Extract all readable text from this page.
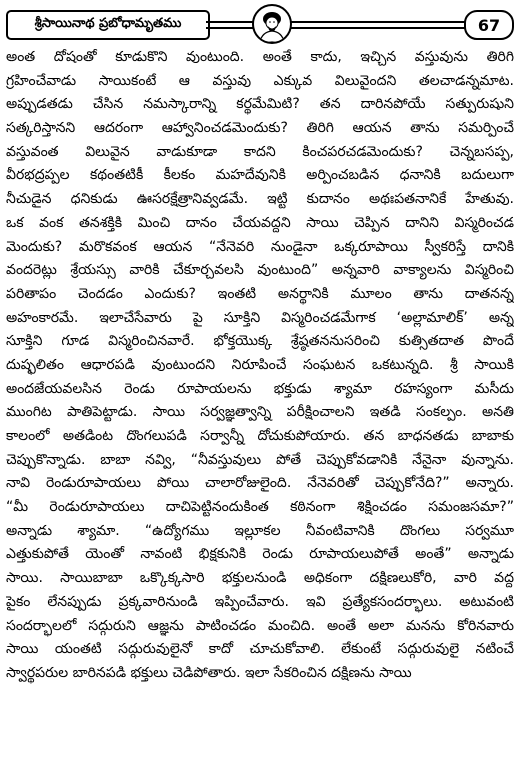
శ్రీసాయినాథ ప్రబోధామృతము	67
అంత దోషంతో కూడుకొని వుంటుంది. అంతే కాదు, ఇచ్చిన వస్తువును తిరిగి
గ్రహించేవాడు సాయికంటే ఆ వస్తువు ఎక్కువ విలువైందని తలచాడన్నమాట.
అప్పుడతడు చేసిన నమస్కారాన్ని కర్థమేమిటి? తన దారినపోయే సత్పురుషుని
సత్కరిస్తానని ఆదరంగా ఆహ్వానించడమెందుకు? తిరిగి ఆయన తాను సమర్పించే
వస్తువంత విలువైన వాడుకూడా కాదని కించపరచడమెందుకు? చెన్నబసప్ప,
వీరభద్రప్పల కథంతటికీ కీలకం మహదేవునికి అర్పించబడిన ధనానికి బదులుగా
నీచుడైన ధనికుడు ఊసరక్షేత్రానివ్వడమే. ఇట్టి కుదానం అథఃపతనానికే హేతువు.
ఒక వంక తనశక్తికి మించి దానం చేయవద్దని సాయి చెప్పిన దానిని విస్మరించడ
మెందుకు? మరొకవంక ఆయన “నేనెవరి నుండైనా ఒక్కరూపాయి స్వీకరిస్తే దానికి
వందరెట్లు శ్రేయస్సు వారికి చేకూర్చవలసి వుంటుంది” అన్నవారి వాక్యాలను విస్మరించి
పరితాపం చెందడం ఎందుకు? ఇంతటి అనర్థానికి మూలం తాను దాతనన్న
అహంకారమే. ఇలాచేసేవారు పై సూక్తిని విస్మరించడమేగాక ‘అల్లామాలిక్’ అన్న
సూక్తిని గూడ విస్మరించినవారే. భోక్తయొక్క శ్రేష్ఠతననుసరించి కుత్సితదాత పొందే
దుష్ఫలితం ఆధారపడి వుంటుందని నిరూపించే సంఘటన ఒకటున్నది. శ్రీ సాయికి
అందజేయవలసిన రెండు రూపాయలను భక్తుడు శ్యామా రహస్యంగా మసీదు
ముంగిట పాతిపెట్టాడు. సాయి సర్వజ్ఞత్వాన్ని పరీక్షించాలని ఇతడి సంకల్పం. అనతి
కాలంలో అతడింట దొంగలుపడి సర్వాన్నీ దోచుకుపోయారు. తన బాధనతడు బాబాకు
చెప్పుకొన్నాడు. బాబా నవ్వి, “నీవస్తువులు పోతే చెప్పుకోవడానికి నేనైనా వున్నాను.
నావి రెండురూపాయలు పోయి చాలారోజులైంది. నేనెవరితో చెప్పుకోనేది?” అన్నారు.
“మీ రెండురూపాయలు దాచిపెట్టినందుకింత కఠినంగా శిక్షించడం సమంజసమా?”
అన్నాడు శ్యామా. “ఉద్యోగము ఇల్లూకల నీవంటివానికి దొంగలు సర్వమూ
ఎత్తుకుపోతే యెంతో నావంటి భిక్షకునికి రెండు రూపాయలుపోతే అంతే” అన్నాడు
సాయి. సాయిబాబా ఒక్కొక్కసారి భక్తులనుండి అధికంగా దక్షిణలుకోరి, వారి వద్ద
పైకం లేనప్పుడు ప్రక్కవారినుండి ఇప్పించేవారు. ఇవి ప్రత్యేకసందర్భాలు. అటువంటి
సందర్భాలలో సద్గురుని ఆజ్ఞను పాటించడం మంచిది. అంతే అలా మనను కోరినవారు
సాయి యంతటి సద్గురువులైనో కాదో చూచుకోవాలి. లేకుంటే సద్గురువులై నటించే
స్వార్థపరుల బారినపడి భక్తులు చెడిపోతారు. ఇలా సేకరించిన దక్షిణను సాయి
